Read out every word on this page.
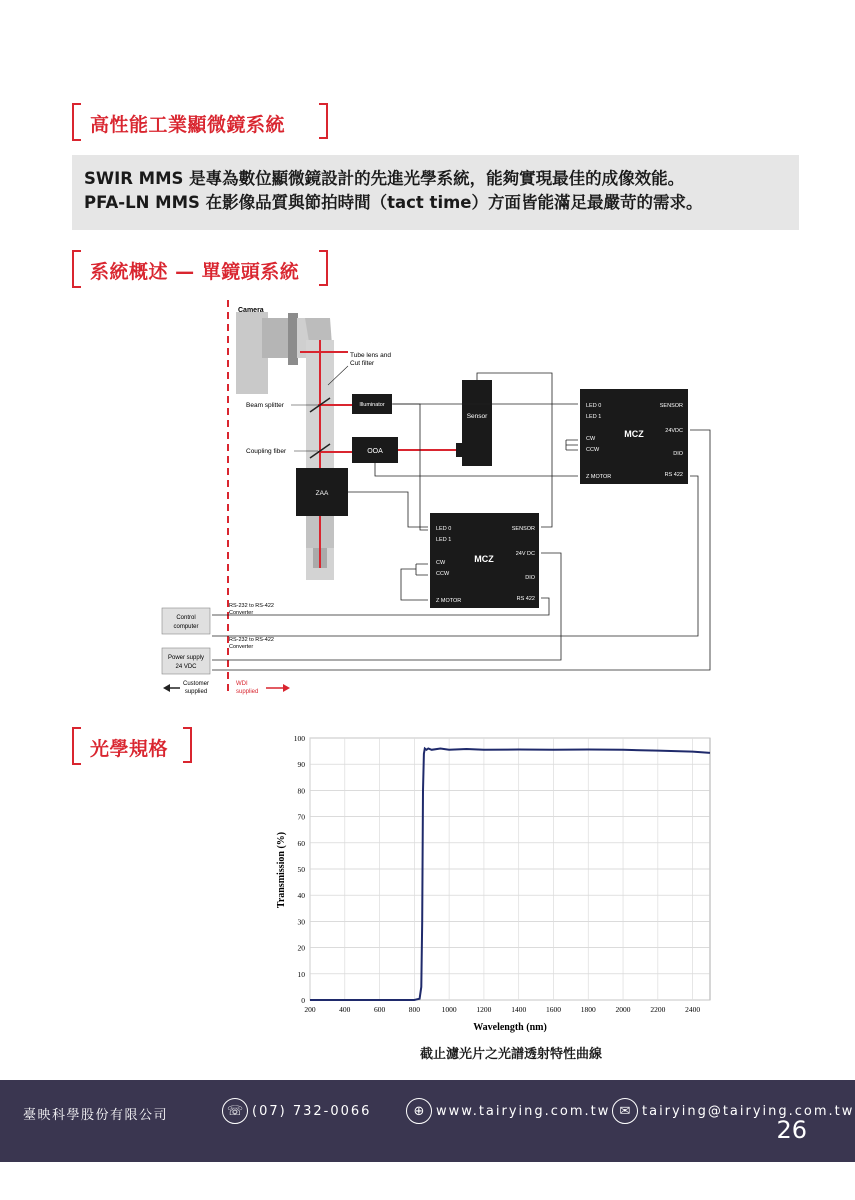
高性能工業顯微鏡系統

SWIR MMS 是專為數位顯微鏡設計的先進光學系統，能夠實現最佳的成像效能。

PFA-LN MMS 在影像品質與節拍時間（tact time）方面皆能滿足最嚴苛的需求。

系統概述 — 單鏡頭系統
Camera
Tube lens and
Cut filter
Beam splitter
Coupling fiber
Illuminator
OOA
ZAA
Sensor
MCZ
LED 0
LED 1
CW
CCW
Z MOTOR
SENSOR
24VDC
DIO
RS 422
MCZ
LED 0
LED 1
CW
CCW
Z MOTOR
SENSOR
24V DC
DIO
RS 422
Control
computer
Power supply
24 VDC
RS-232 to RS-422
Converter
RS-232 to RS-422
Converter
Customer
supplied
WDI
supplied
光學規格
0
10
20
30
40
50
60
70
80
90
100
200	400	600	800	1000	1200	1400	1600	1800	2000	2200	2400
Wavelength (nm)
Transmission (%)
截止濾光片之光譜透射特性曲線
臺映科學股份有限公司	☏ (07) 732-0066	⊕ www.tairying.com.tw ✉ tairying@tairying.com.tw
26
